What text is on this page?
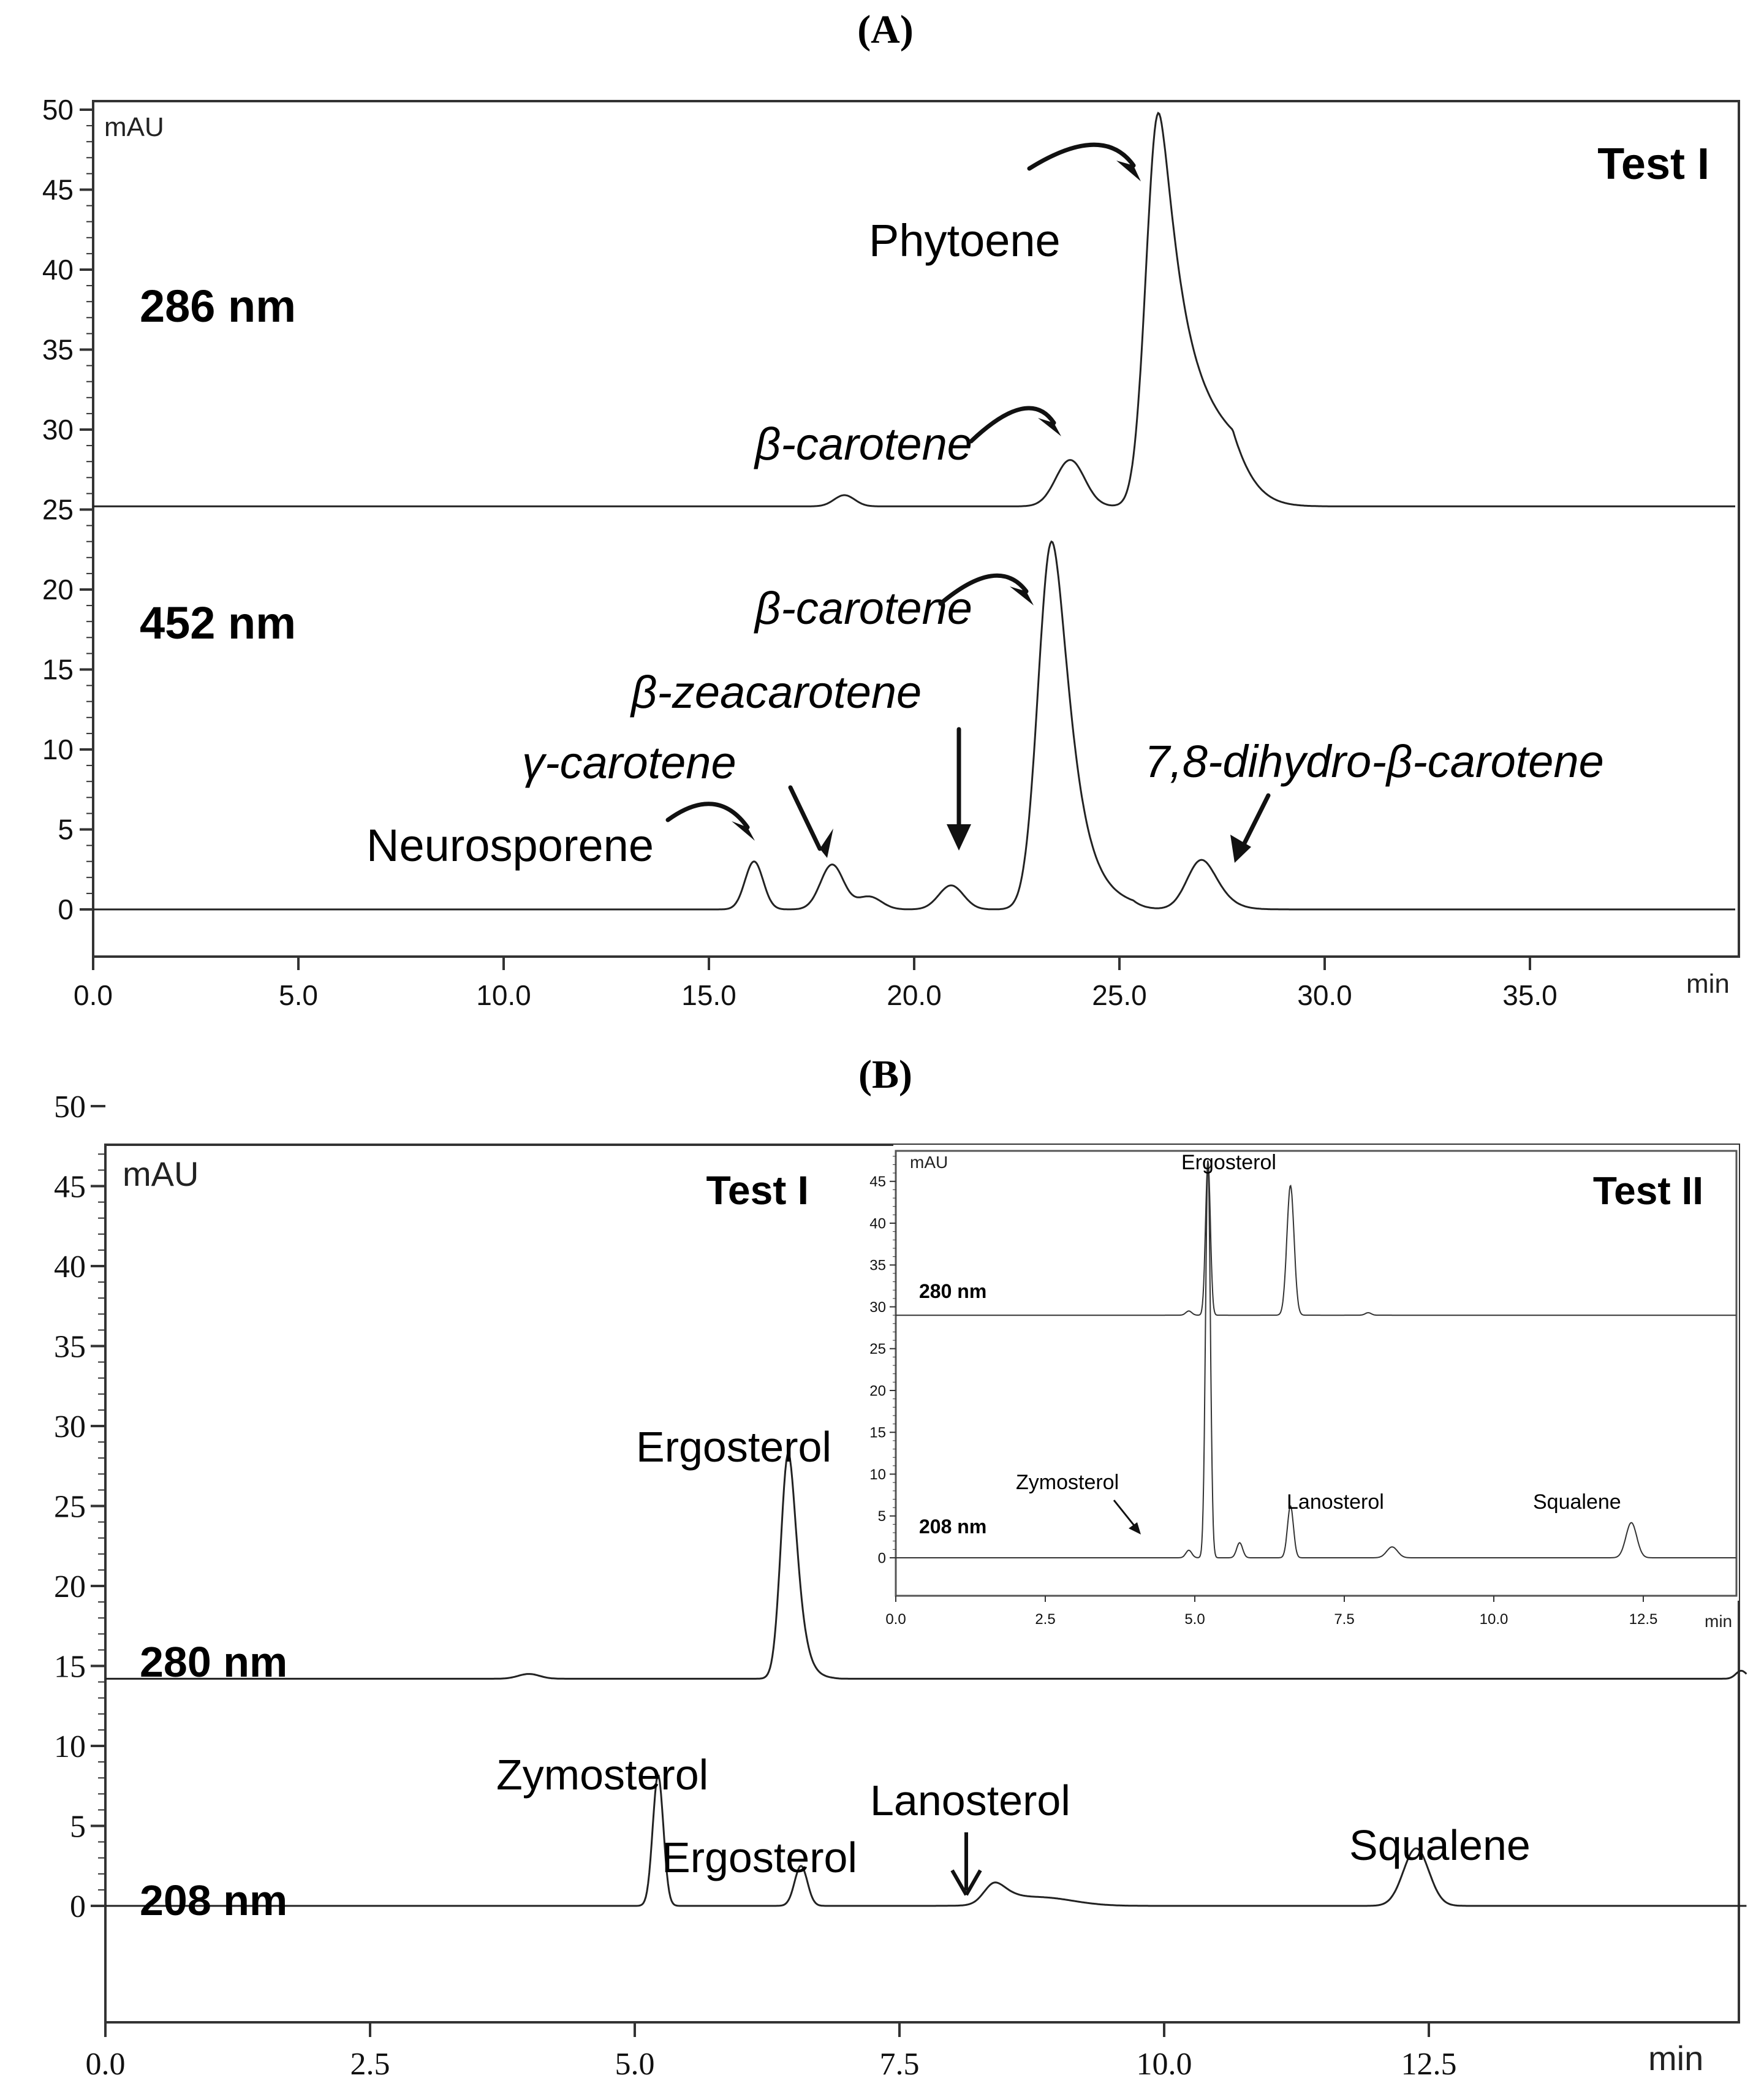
(A)
(B)
0
5
10
15
20
25
30
35
40
45
50
0.0	5.0	10.0	15.0	20.0	25.0	30.0	35.0
mAU
min
Test I
286 nm
452 nm
Phytoene
β-carotene
β-carotene
β-zeacarotene
γ-carotene
Neurosporene
7,8-dihydro-β-carotene
0
5
10
15
20
25
30
35
40
45
50
0.0	2.5	5.0	7.5	10.0	12.5
mAU
min
Test I
280 nm
208 nm
Ergosterol
Zymosterol
Ergosterol
Lanosterol
Squalene
0
5
10
15
20
25
30
35
40
45
0.0	2.5	5.0	7.5	10.0	12.5
mAU
min
Test II
280 nm
208 nm
Ergosterol
Zymosterol
Lanosterol	Squalene
